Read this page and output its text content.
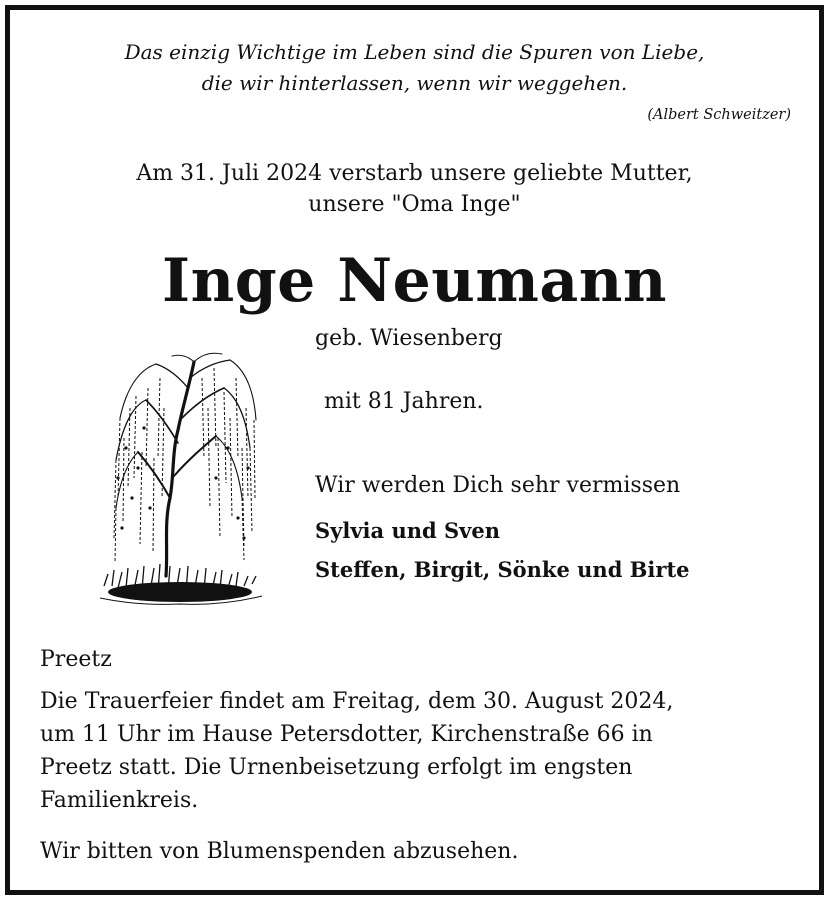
Das einzig Wichtige im Leben sind die Spuren von Liebe,
die wir hinterlassen, wenn wir weggehen.
(Albert Schweitzer)
Am 31. Juli 2024 verstarb unsere geliebte Mutter,
unsere "Oma Inge"
Inge Neumann
geb. Wiesenberg
mit 81 Jahren.
Wir werden Dich sehr vermissen
Sylvia und Sven
Steffen, Birgit, Sönke und Birte
Preetz
Die Trauerfeier findet am Freitag, dem 30. August 2024,
um 11 Uhr im Hause Petersdotter, Kirchenstraße 66 in
Preetz statt. Die Urnenbeisetzung erfolgt im engsten
Familienkreis.
Wir bitten von Blumenspenden abzusehen.
